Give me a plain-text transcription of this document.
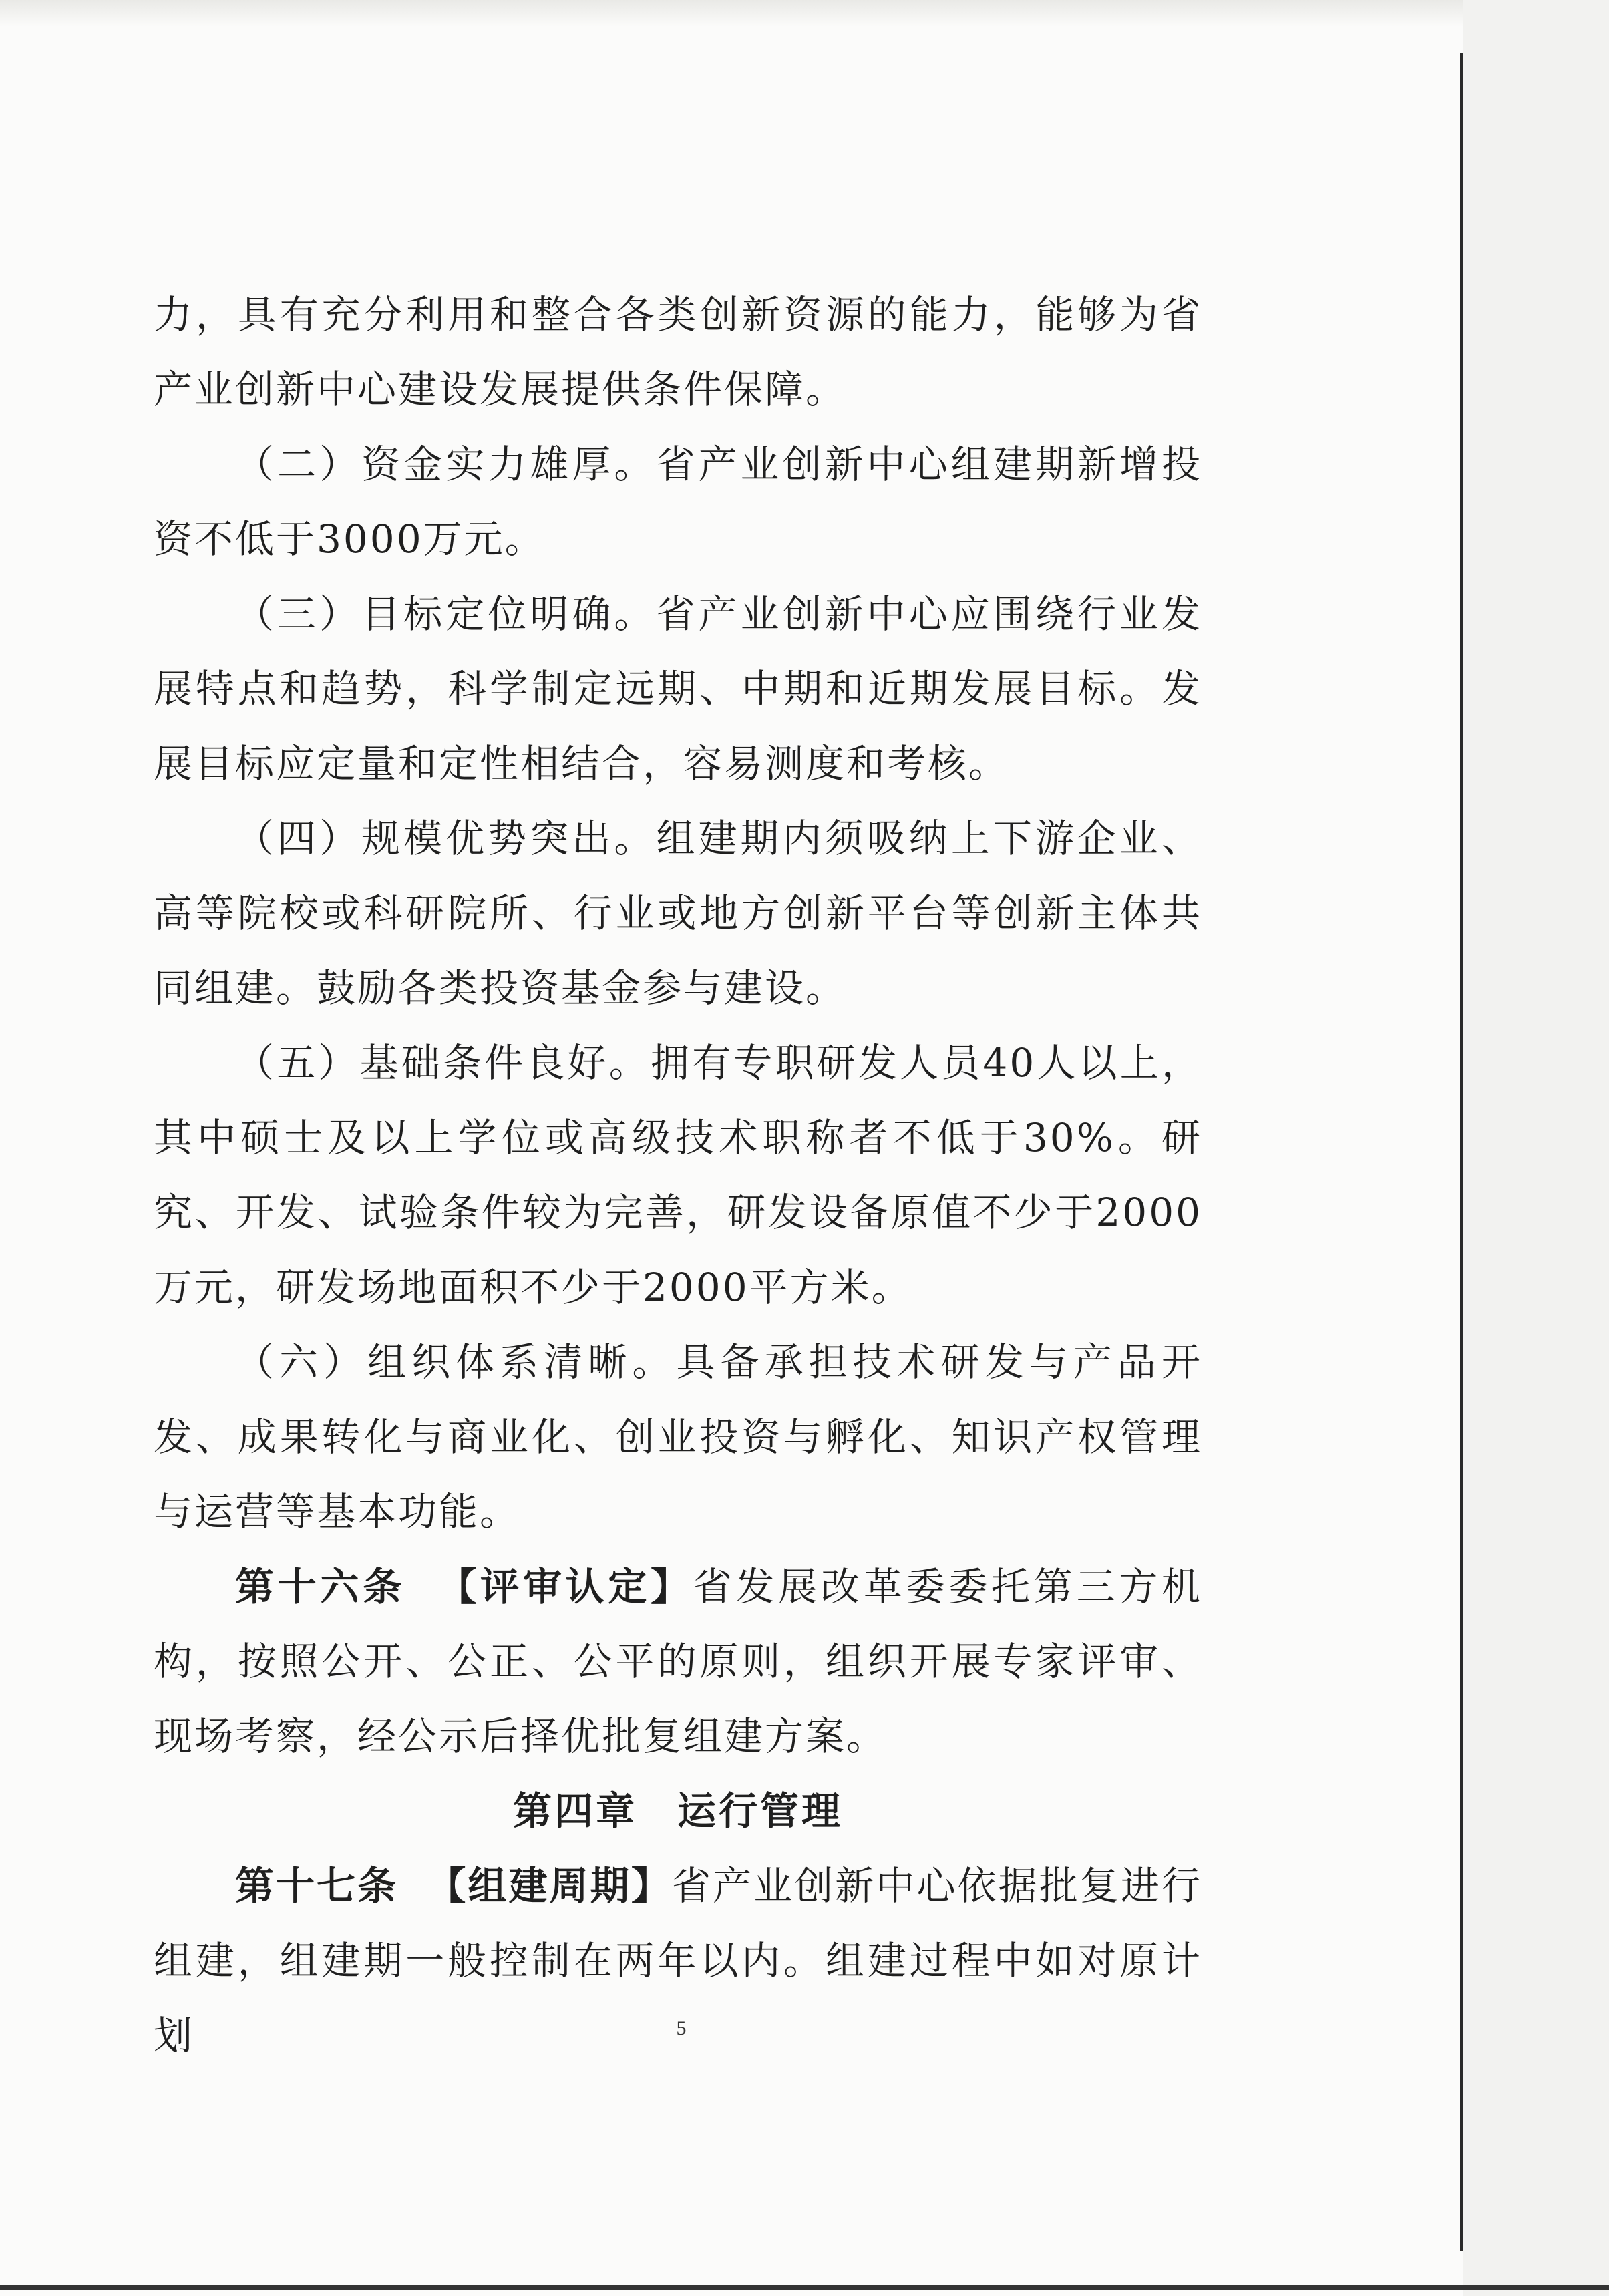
力，具有充分利用和整合各类创新资源的能力，能够为省产业创新中心建设发展提供条件保障。

（二）资金实力雄厚。省产业创新中心组建期新增投资不低于3000万元。

（三）目标定位明确。省产业创新中心应围绕行业发展特点和趋势，科学制定远期、中期和近期发展目标。发展目标应定量和定性相结合，容易测度和考核。

（四）规模优势突出。组建期内须吸纳上下游企业、高等院校或科研院所、行业或地方创新平台等创新主体共同组建。鼓励各类投资基金参与建设。

（五）基础条件良好。拥有专职研发人员40人以上，其中硕士及以上学位或高级技术职称者不低于30%。研究、开发、试验条件较为完善，研发设备原值不少于2000万元，研发场地面积不少于2000平方米。

（六）组织体系清晰。具备承担技术研发与产品开发、成果转化与商业化、创业投资与孵化、知识产权管理与运营等基本功能。

第十六条 【评审认定】省发展改革委委托第三方机构，按照公开、公正、公平的原则，组织开展专家评审、现场考察，经公示后择优批复组建方案。

第四章 运行管理

第十七条 【组建周期】省产业创新中心依据批复进行组建，组建期一般控制在两年以内。组建过程中如对原计划	5
